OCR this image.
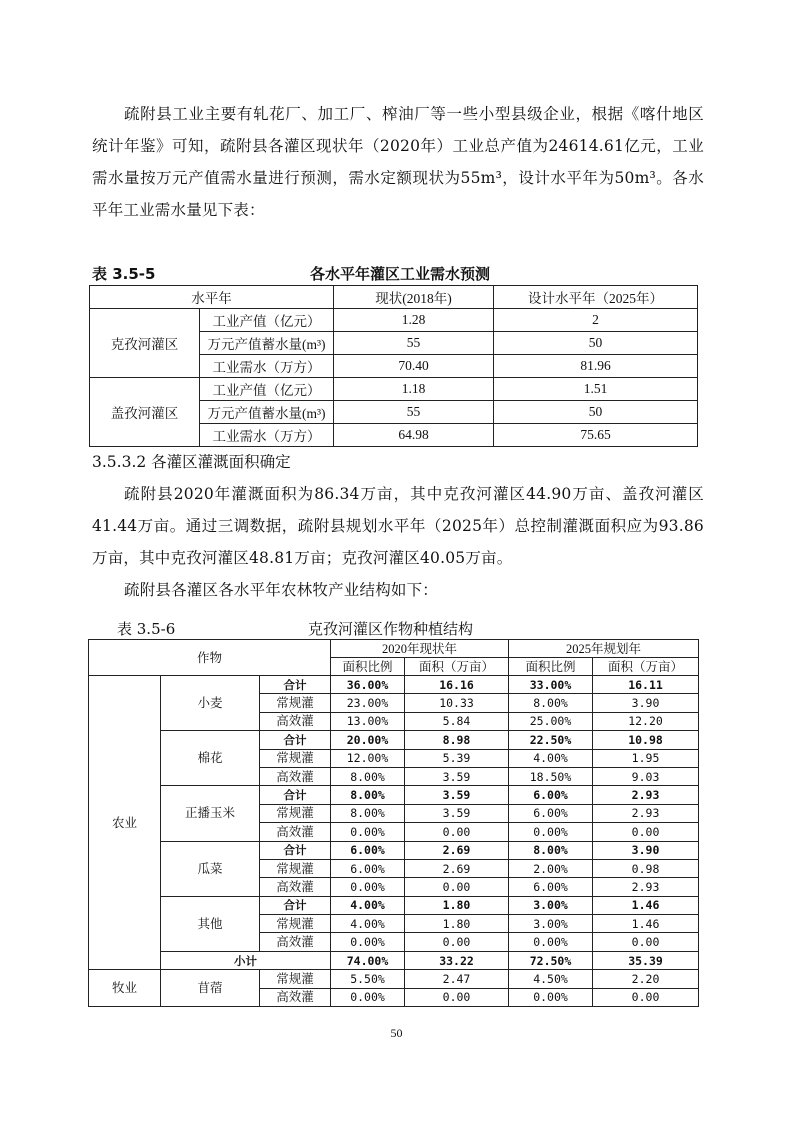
疏附县工业主要有轧花厂、加工厂、榨油厂等一些小型县级企业，根据《喀什地区统计年鉴》可知，疏附县各灌区现状年（2020年）工业总产值为24614.61亿元，工业需水量按万元产值需水量进行预测，需水定额现状为55m³，设计水平年为50m³。各水平年工业需水量见下表：

表 3.5-5	各水平年灌区工业需水预测
水平年		现状(2018年)	设计水平年（2025年）
克孜河灌区	工业产值（亿元）	1.28	2
	万元产值蓄水量(m³)	55	50
	工业需水（万方）	70.40	81.96
盖孜河灌区	工业产值（亿元）	1.18	1.51
	万元产值蓄水量(m³)	55	50
	工业需水（万方）	64.98	75.65
3.5.3.2 各灌区灌溉面积确定

疏附县2020年灌溉面积为86.34万亩，其中克孜河灌区44.90万亩、盖孜河灌区41.44万亩。通过三调数据，疏附县规划水平年（2025年）总控制灌溉面积应为93.86万亩，其中克孜河灌区48.81万亩；克孜河灌区40.05万亩。

疏附县各灌区各水平年农林牧产业结构如下：

表 3.5-6	克孜河灌区作物种植结构
作物			2020年现状年		2025年规划年	
			面积比例	面积（万亩）	面积比例	面积（万亩）
农业	小麦	合计	36.00%	16.16	33.00%	16.11
		常规灌	23.00%	10.33	8.00%	3.90
		高效灌	13.00%	5.84	25.00%	12.20
	棉花	合计	20.00%	8.98	22.50%	10.98
		常规灌	12.00%	5.39	4.00%	1.95
		高效灌	8.00%	3.59	18.50%	9.03
	正播玉米	合计	8.00%	3.59	6.00%	2.93
		常规灌	8.00%	3.59	6.00%	2.93
		高效灌	0.00%	0.00	0.00%	0.00
	瓜菜	合计	6.00%	2.69	8.00%	3.90
		常规灌	6.00%	2.69	2.00%	0.98
		高效灌	0.00%	0.00	6.00%	2.93
	其他	合计	4.00%	1.80	3.00%	1.46
		常规灌	4.00%	1.80	3.00%	1.46
		高效灌	0.00%	0.00	0.00%	0.00
	小计		74.00%	33.22	72.50%	35.39
牧业	苜蓿	常规灌	5.50%	2.47	4.50%	2.20
		高效灌	0.00%	0.00	0.00%	0.00
50
